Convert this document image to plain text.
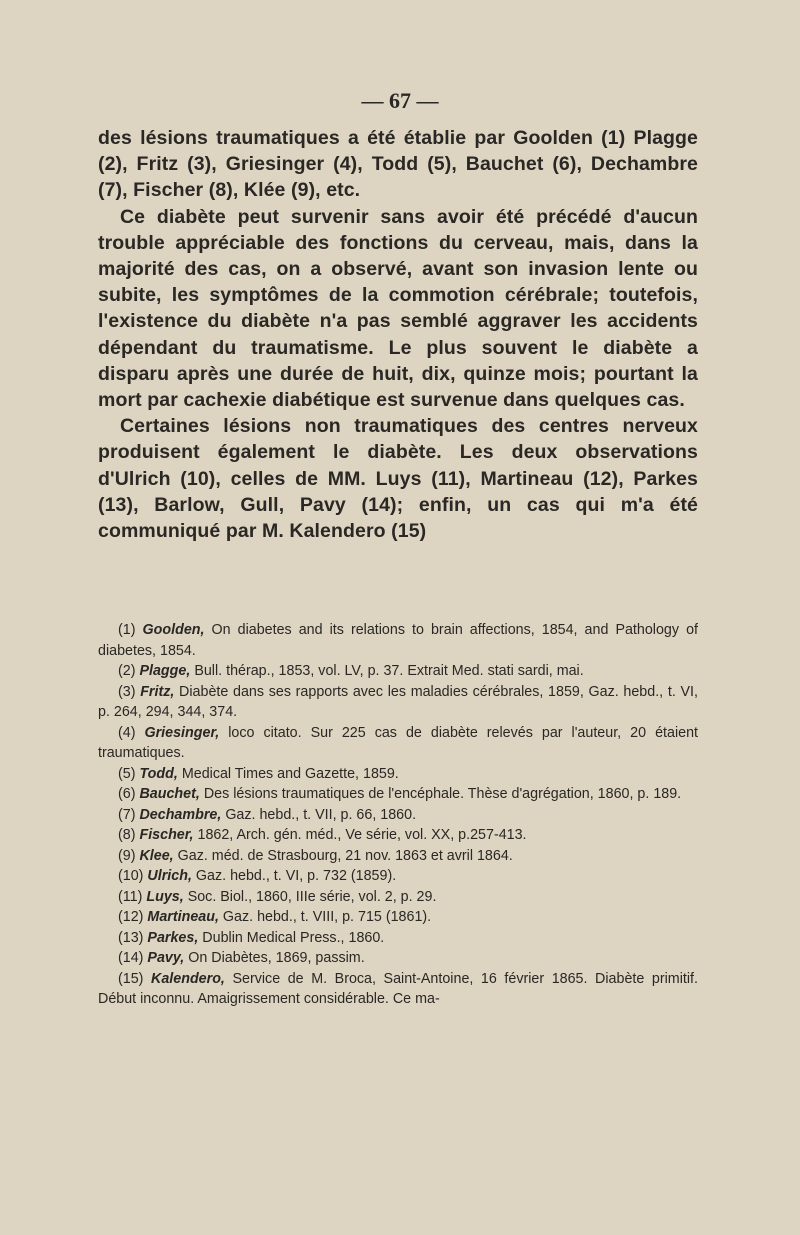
— 67 —

des lésions traumatiques a été établie par Goolden (1) Plagge (2), Fritz (3), Griesinger (4), Todd (5), Bauchet (6), Dechambre (7), Fischer (8), Klée (9), etc.

Ce diabète peut survenir sans avoir été précédé d'aucun trouble appréciable des fonctions du cerveau, mais, dans la majorité des cas, on a observé, avant son invasion lente ou subite, les symptômes de la commotion cérébrale; toutefois, l'existence du diabète n'a pas semblé aggraver les accidents dépendant du traumatisme. Le plus souvent le diabète a disparu après une durée de huit, dix, quinze mois; pourtant la mort par cachexie diabétique est survenue dans quelques cas.

Certaines lésions non traumatiques des centres nerveux produisent également le diabète. Les deux observations d'Ulrich (10), celles de MM. Luys (11), Martineau (12), Parkes (13), Barlow, Gull, Pavy (14); enfin, un cas qui m'a été communiqué par M. Kalendero (15)

(1) Goolden, On diabetes and its relations to brain affections, 1854, and Pathology of diabetes, 1854.

(2) Plagge, Bull. thérap., 1853, vol. LV, p. 37. Extrait Med. stati sardi, mai.

(3) Fritz, Diabète dans ses rapports avec les maladies cérébrales, 1859, Gaz. hebd., t. VI, p. 264, 294, 344, 374.

(4) Griesinger, loco citato. Sur 225 cas de diabète relevés par l'auteur, 20 étaient traumatiques.

(5) Todd, Medical Times and Gazette, 1859.

(6) Bauchet, Des lésions traumatiques de l'encéphale. Thèse d'agrégation, 1860, p. 189.

(7) Dechambre, Gaz. hebd., t. VII, p. 66, 1860.

(8) Fischer, 1862, Arch. gén. méd., Ve série, vol. XX, p.257-413.

(9) Klee, Gaz. méd. de Strasbourg, 21 nov. 1863 et avril 1864.

(10) Ulrich, Gaz. hebd., t. VI, p. 732 (1859).

(11) Luys, Soc. Biol., 1860, IIIe série, vol. 2, p. 29.

(12) Martineau, Gaz. hebd., t. VIII, p. 715 (1861).

(13) Parkes, Dublin Medical Press., 1860.

(14) Pavy, On Diabètes, 1869, passim.

(15) Kalendero, Service de M. Broca, Saint-Antoine, 16 février 1865. Diabète primitif. Début inconnu. Amaigrissement considérable. Ce ma-
